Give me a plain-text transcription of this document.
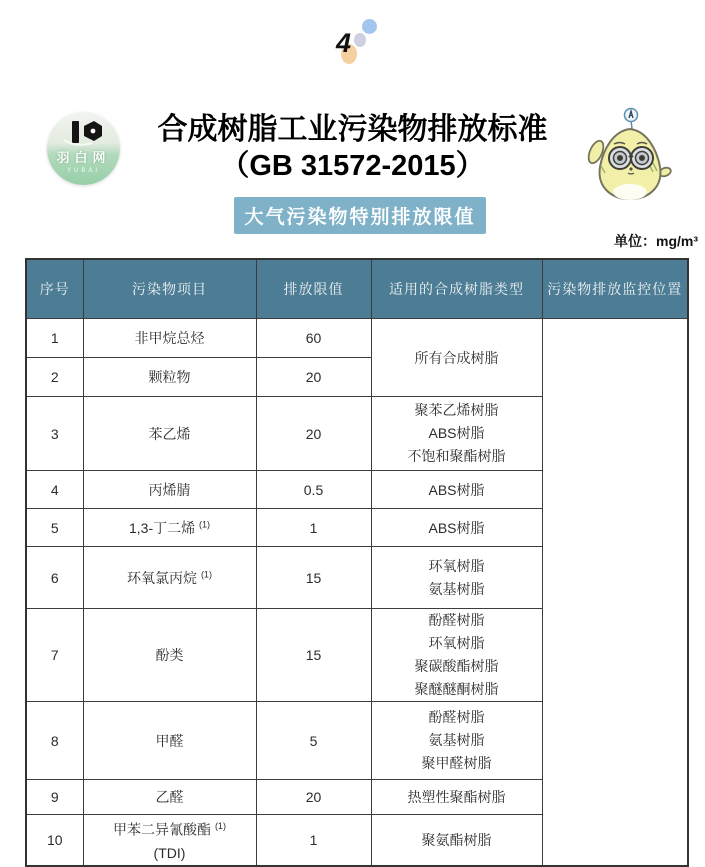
4
羽白网
YUBAI
合成树脂工业污染物排放标准
（GB 31572-2015）
大气污染物特别排放限值
单位：mg/m³
序号	污染物项目	排放限值	适用的合成树脂类型	污染物排放监控位置
1	非甲烷总烃	60	所有合成树脂	
2	颗粒物	20		
3	苯乙烯	20	聚苯乙烯树脂
ABS树脂
不饱和聚酯树脂	

4	丙烯腈	0.5	ABS树脂	
5	1,3-丁二烯 $^{(1)}$	1	ABS树脂	
6	环氧氯丙烷 $^{(1)}$	15	环氧树脂
氨基树脂	

7	酚类	15	酚醛树脂
环氧树脂
聚碳酸酯树脂
聚醚醚酮树脂	

8	甲醛	5	酚醛树脂
氨基树脂
聚甲醛树脂	

9	乙醛	20	热塑性聚酯树脂	
10	甲苯二异氰酸酯 $^{(1)}$
(TDI)	1	聚氨酯树脂	
